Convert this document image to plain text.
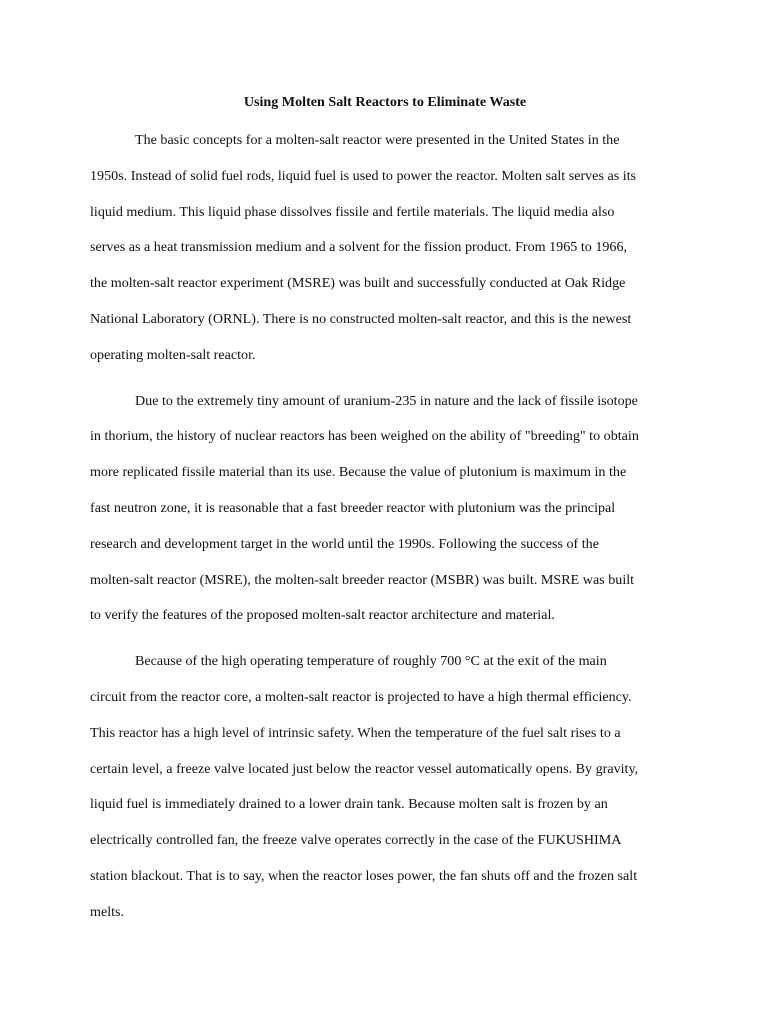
Using Molten Salt Reactors to Eliminate Waste
The basic concepts for a molten-salt reactor were presented in the United States in the
1950s. Instead of solid fuel rods, liquid fuel is used to power the reactor. Molten salt serves as its
liquid medium. This liquid phase dissolves fissile and fertile materials. The liquid media also
serves as a heat transmission medium and a solvent for the fission product. From 1965 to 1966,
the molten-salt reactor experiment (MSRE) was built and successfully conducted at Oak Ridge
National Laboratory (ORNL). There is no constructed molten-salt reactor, and this is the newest
operating molten-salt reactor.
Due to the extremely tiny amount of uranium-235 in nature and the lack of fissile isotope
in thorium, the history of nuclear reactors has been weighed on the ability of "breeding" to obtain
more replicated fissile material than its use. Because the value of plutonium is maximum in the
fast neutron zone, it is reasonable that a fast breeder reactor with plutonium was the principal
research and development target in the world until the 1990s. Following the success of the
molten-salt reactor (MSRE), the molten-salt breeder reactor (MSBR) was built. MSRE was built
to verify the features of the proposed molten-salt reactor architecture and material.
Because of the high operating temperature of roughly 700 °C at the exit of the main
circuit from the reactor core, a molten-salt reactor is projected to have a high thermal efficiency.
This reactor has a high level of intrinsic safety. When the temperature of the fuel salt rises to a
certain level, a freeze valve located just below the reactor vessel automatically opens. By gravity,
liquid fuel is immediately drained to a lower drain tank. Because molten salt is frozen by an
electrically controlled fan, the freeze valve operates correctly in the case of the FUKUSHIMA
station blackout. That is to say, when the reactor loses power, the fan shuts off and the frozen salt
melts.
